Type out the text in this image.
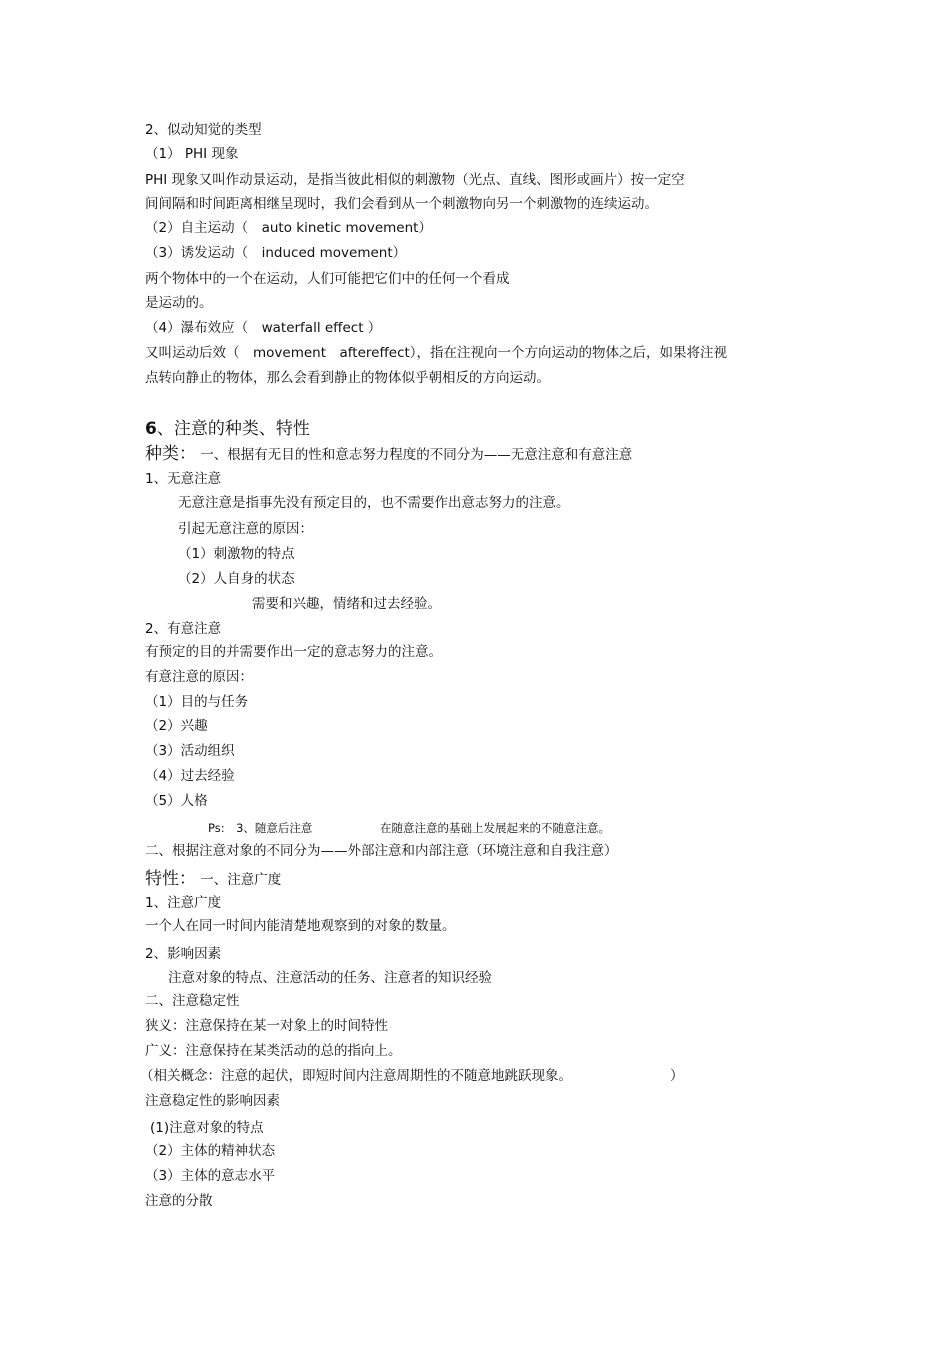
2、似动知觉的类型
（1） PHI 现象
PHI 现象又叫作动景运动，是指当彼此相似的刺激物（光点、直线、图形或画片）按一定空
间间隔和时间距离相继呈现时，我们会看到从一个刺激物向另一个刺激物的连续运动。
（2）自主运动（　auto kinetic movement）
（3）诱发运动（　induced movement）
两个物体中的一个在运动，人们可能把它们中的任何一个看成
是运动的。
（4）瀑布效应（　waterfall effect ）
又叫运动后效（　movement　aftereffect），指在注视向一个方向运动的物体之后，如果将注视
点转向静止的物体，那么会看到静止的物体似乎朝相反的方向运动。
6、注意的种类、特性
种类： 一、根据有无目的性和意志努力程度的不同分为——无意注意和有意注意
1、无意注意
无意注意是指事先没有预定目的，也不需要作出意志努力的注意。
引起无意注意的原因：
（1）刺激物的特点
（2）人自身的状态
需要和兴趣，情绪和过去经验。
2、有意注意
有预定的目的并需要作出一定的意志努力的注意。
有意注意的原因：
（1）目的与任务
（2）兴趣
（3）活动组织
（4）过去经验
（5）人格
Ps:　3、随意后注意	在随意注意的基础上发展起来的不随意注意。
二、根据注意对象的不同分为——外部注意和内部注意（环境注意和自我注意）
特性： 一、注意广度
1、注意广度
一个人在同一时间内能清楚地观察到的对象的数量。
2、影响因素
注意对象的特点、注意活动的任务、注意者的知识经验
二、注意稳定性
狭义：注意保持在某一对象上的时间特性
广义：注意保持在某类活动的总的指向上。
（相关概念：注意的起伏，即短时间内注意周期性的不随意地跳跃现象。	）
注意稳定性的影响因素
(1)注意对象的特点
（2）主体的精神状态
（3）主体的意志水平
注意的分散
